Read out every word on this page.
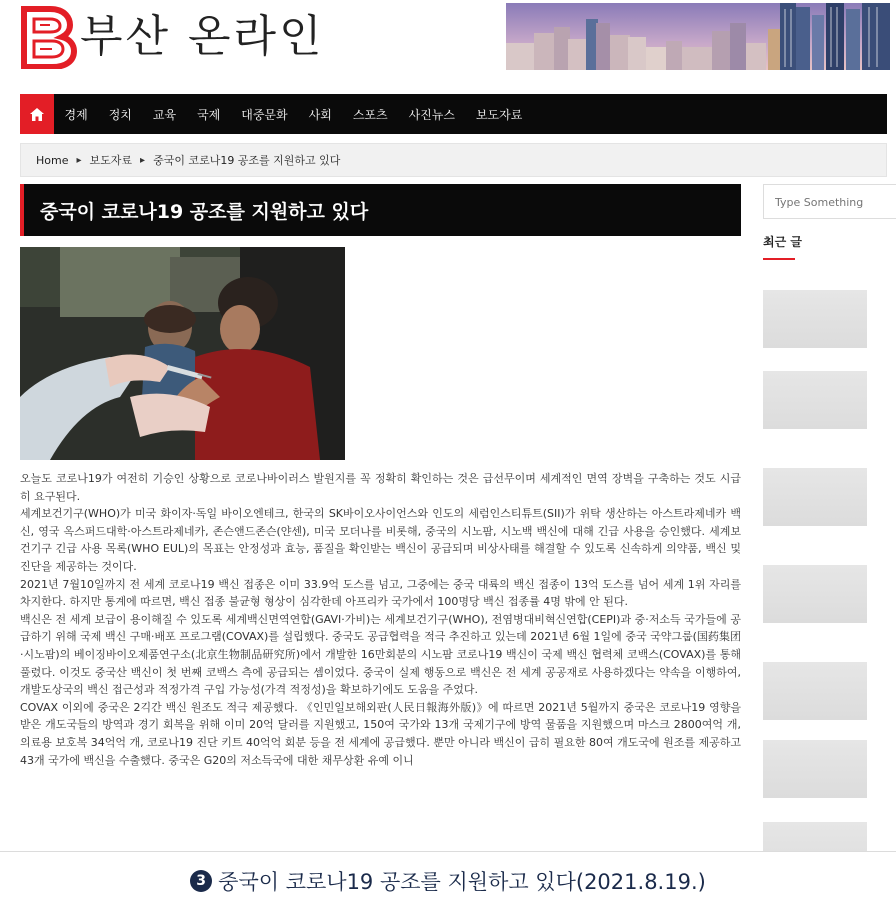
부산 온라인
경제	정치	교육	국제	대중문화	사회	스포츠	사진뉴스	보도자료
Home ▸ 보도자료 ▸ 중국이 코로나19 공조를 지원하고 있다
중국이 코로나19 공조를 지원하고 있다

오늘도 코로나19가 여전히 기승인 상황으로 코로나바이러스 발원지를 꼭 정확히 확인하는 것은 급선무이며 세계적인 면역 장벽을 구축하는 것도 시급히 요구된다.

세계보건기구(WHO)가 미국 화이자·독일 바이오엔테크, 한국의 SK바이오사이언스와 인도의 세럼인스티튜트(SII)가 위탁 생산하는 아스트라제네카 백신, 영국 옥스퍼드대학·아스트라제네카, 존슨앤드존슨(얀센), 미국 모더나를 비롯해, 중국의 시노팜, 시노백 백신에 대해 긴급 사용을 승인했다. 세계보건기구 긴급 사용 목록(WHO EUL)의 목표는 안정성과 효능, 품질을 확인받는 백신이 공급되며 비상사태를 해결할 수 있도록 신속하게 의약품, 백신 및 진단을 제공하는 것이다.

2021년 7월10일까지 전 세계 코로나19 백신 접종은 이미 33.9억 도스를 넘고, 그중에는 중국 대륙의 백신 접종이 13억 도스를 넘어 세계 1위 자리를 차지한다. 하지만 통계에 따르면, 백신 접종 불균형 형상이 심각한데 아프리카 국가에서 100명당 백신 접종률 4명 밖에 안 된다.

백신은 전 세계 보급이 용이해질 수 있도록 세계백신면역연합(GAVI·가비)는 세계보건기구(WHO), 전염병대비혁신연합(CEPI)과 중·저소득 국가들에 공급하기 위해 국제 백신 구매·배포 프로그램(COVAX)를 설립했다. 중국도 공급협력을 적극 추진하고 있는데 2021년 6월 1일에 중국 국약그룹(国药集团·시노팜)의 베이징바이오제품연구소(北京生物制品研究所)에서 개발한 16만회분의 시노팜 코로나19 백신이 국제 백신 협력체 코백스(COVAX)를 통해 풀렸다. 이것도 중국산 백신이 첫 번째 코백스 측에 공급되는 셈이었다. 중국이 실제 행동으로 백신은 전 세계 공공재로 사용하겠다는 약속을 이행하여, 개발도상국의 백신 접근성과 적정가격 구입 가능성(가격 적정성)을 확보하기에도 도움을 주었다.

COVAX 이외에 중국은 2긱간 백신 원조도 적극 제공했다. 《인민일보해외판(人民日報海外版)》에 따르면 2021년 5월까지 중국은 코로나19 영향을 받은 개도국들의 방역과 경기 회복을 위해 이미 20억 달러를 지원했고, 150여 국가와 13개 국제기구에 방역 물품을 지원했으며 마스크 2800여억 개, 의료용 보호복 34억억 개, 코로나19 진단 키트 40억억 회분 등을 전 세계에 공급했다. 뿐만 아니라 백신이 급히 필요한 80여 개도국에 원조를 제공하고 43개 국가에 백신을 수출했다. 중국은 G20의 저소득국에 대한 채무상환 유예 이니

Type Something
최근 글
3 중국이 코로나19 공조를 지원하고 있다(2021.8.19.)
